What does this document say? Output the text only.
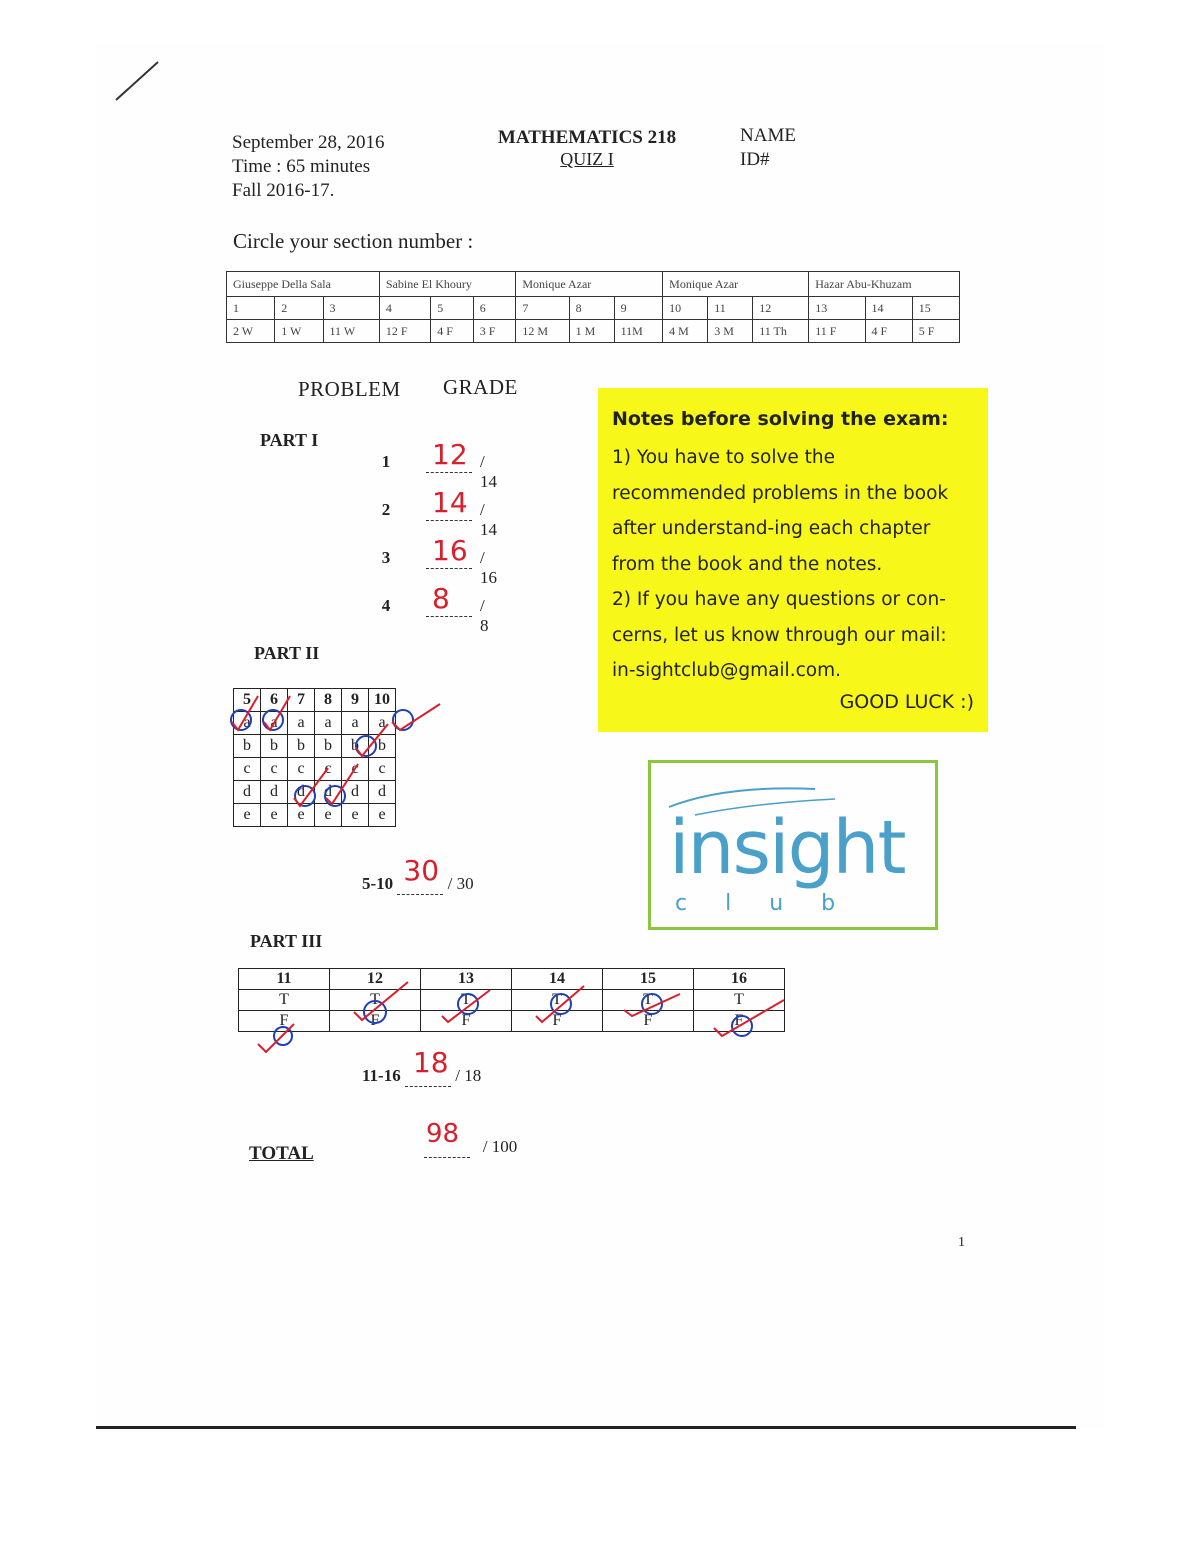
September 28, 2016
Time : 65 minutes
Fall 2016-17.
MATHEMATICS 218
QUIZ I
NAME
ID#
Circle your section number :
Giuseppe Della Sala			Sabine El Khoury			Monique Azar			Monique Azar			Hazar Abu-Khuzam		
1	2	3	4	5	6	7	8	9	10	11	12	13	14	15
2 W	1 W	11 W	12 F	4 F	3 F	12 M	1 M	11M	4 M	3 M	11 Th	11 F	4 F	5 F
PROBLEM GRADE
PART I
1 12 / 14
2 14 / 14
3 16 / 16
4 8 / 8
PART II
5	6	7	8	9	10
a	a	a	a	a	a
b	b	b	b	b	b
c	c	c	c	c	c
d	d	d	d	d	d
e	e	e	e	e	e
5-10 30 / 30
PART III
11	12	13	14	15	16
T	T	T	T	T	T
F	F	F	F	F	F
11-16 18 / 18
TOTAL
98 / 100
Notes before solving the exam:
1) You have to solve the recommended problems in the book after understand-ing each chapter from the book and the notes.
2) If you have any questions or con-cerns, let us know through our mail: in-sightclub@gmail.com.
GOOD LUCK :)
insight
club
1
